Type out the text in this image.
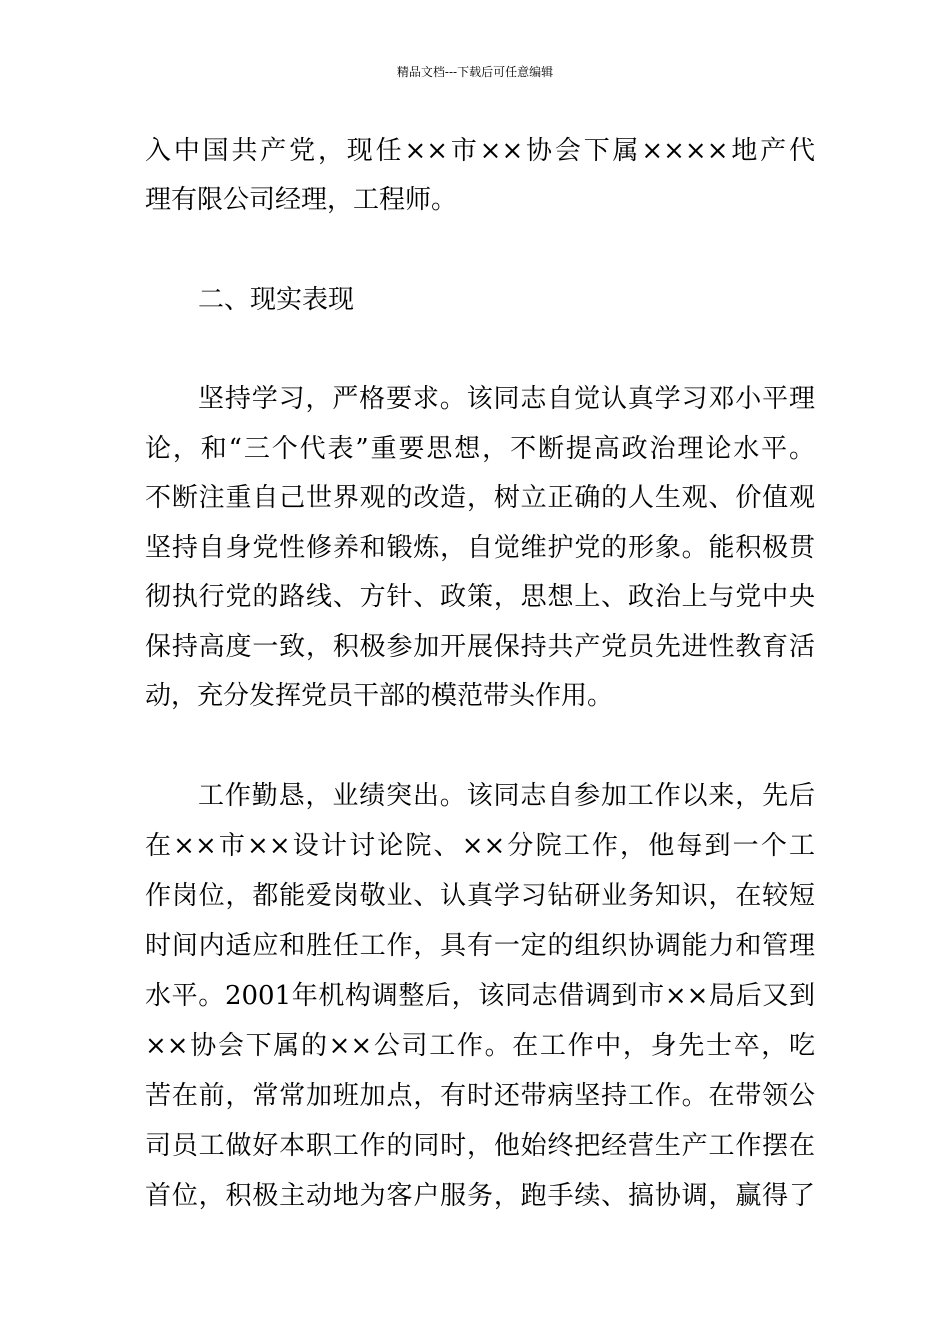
精品文档---下载后可任意编辑
入中国共产党，现任××市××协会下属××××地产代
理有限公司经理，工程师。
二、现实表现
坚持学习，严格要求。该同志自觉认真学习邓小平理
论，和“三个代表”重要思想，不断提高政治理论水平。
不断注重自己世界观的改造，树立正确的人生观、价值观
坚持自身党性修养和锻炼，自觉维护党的形象。能积极贯
彻执行党的路线、方针、政策，思想上、政治上与党中央
保持高度一致，积极参加开展保持共产党员先进性教育活
动，充分发挥党员干部的模范带头作用。
工作勤恳，业绩突出。该同志自参加工作以来，先后
在××市××设计讨论院、××分院工作，他每到一个工
作岗位，都能爱岗敬业、认真学习钻研业务知识，在较短
时间内适应和胜任工作，具有一定的组织协调能力和管理
水平。2001年机构调整后，该同志借调到市××局后又到
××协会下属的××公司工作。在工作中，身先士卒，吃
苦在前，常常加班加点，有时还带病坚持工作。在带领公
司员工做好本职工作的同时，他始终把经营生产工作摆在
首位，积极主动地为客户服务，跑手续、搞协调，赢得了
